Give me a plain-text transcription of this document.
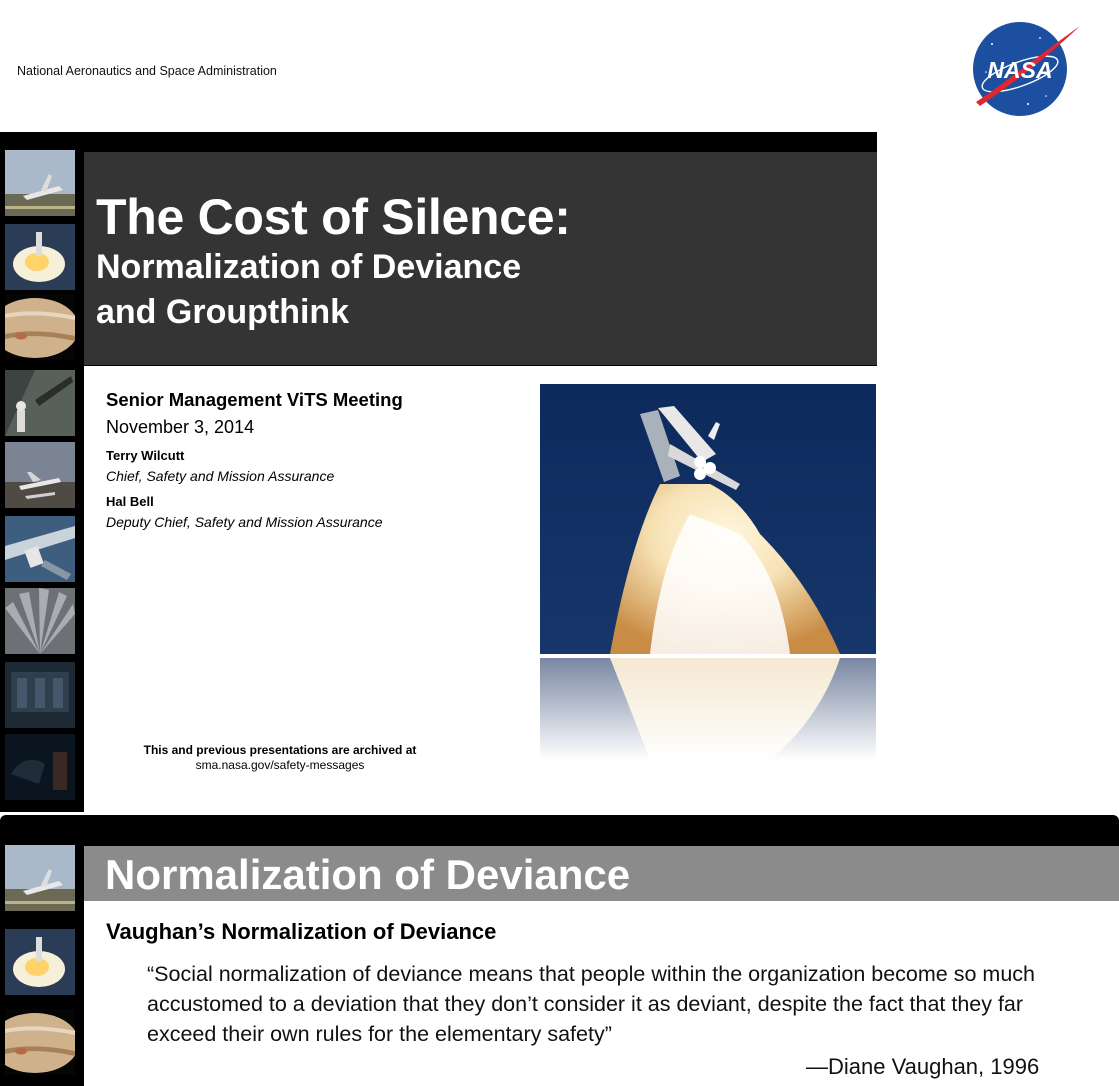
National Aeronautics and Space Administration	NASA
The Cost of Silence:
Normalization of Deviance
and Groupthink
Senior Management ViTS Meeting
November 3, 2014
Terry Wilcutt
Chief, Safety and Mission Assurance
Hal Bell
Deputy Chief, Safety and Mission Assurance
This and previous presentations are archived at
sma.nasa.gov/safety-messages
Normalization of Deviance
Vaughan’s Normalization of Deviance
“Social normalization of deviance means that people within the organization become so much accustomed to a deviation that they don’t consider it as deviant, despite the fact that they far exceed their own rules for the elementary safety”
—Diane Vaughan, 1996
